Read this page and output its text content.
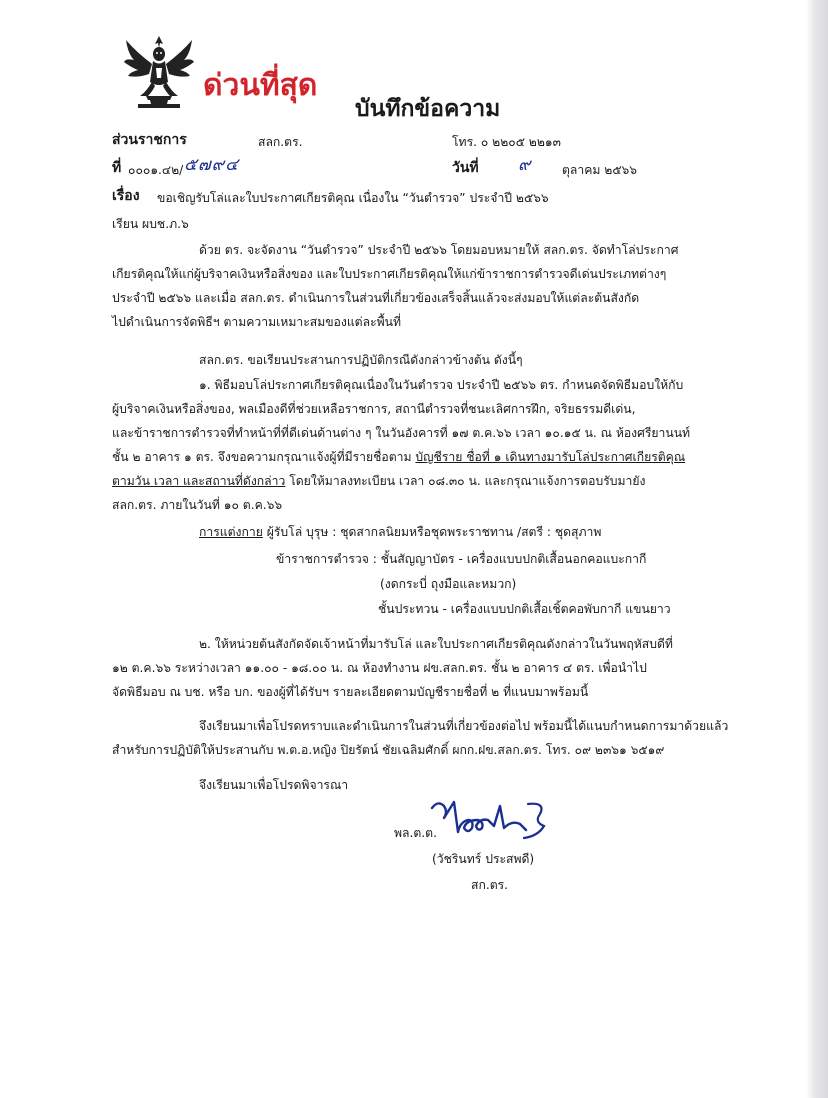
ด่วนที่สุด
บันทึกข้อความ
ส่วนราชการ	สลก.ตร.	โทร. ๐ ๒๒๐๕ ๒๒๑๓
ที่ ๐๐๐๑.๔๒/ ๕๗๙๔	วันที่ ๙	ตุลาคม ๒๕๖๖
เรื่อง ขอเชิญรับโล่และใบประกาศเกียรติคุณ เนื่องใน “วันตำรวจ” ประจำปี ๒๕๖๖
เรียน ผบช.ภ.๖
ด้วย ตร. จะจัดงาน “วันตำรวจ” ประจำปี ๒๕๖๖ โดยมอบหมายให้ สลก.ตร. จัดทำโล่ประกาศ
เกียรติคุณให้แก่ผู้บริจาคเงินหรือสิ่งของ และใบประกาศเกียรติคุณให้แก่ข้าราชการตำรวจดีเด่นประเภทต่างๆ
ประจำปี ๒๕๖๖ และเมื่อ สลก.ตร. ดำเนินการในส่วนที่เกี่ยวข้องเสร็จสิ้นแล้วจะส่งมอบให้แต่ละต้นสังกัด
ไปดำเนินการจัดพิธีฯ ตามความเหมาะสมของแต่ละพื้นที่
สลก.ตร. ขอเรียนประสานการปฏิบัติกรณีดังกล่าวข้างต้น ดังนี้ๆ
๑. พิธีมอบโล่ประกาศเกียรติคุณเนื่องในวันตำรวจ ประจำปี ๒๕๖๖ ตร. กำหนดจัดพิธีมอบให้กับ
ผู้บริจาคเงินหรือสิ่งของ, พลเมืองดีที่ช่วยเหลือราชการ, สถานีตำรวจที่ชนะเลิศการฝึก, จริยธรรมดีเด่น,
และข้าราชการตำรวจที่ทำหน้าที่ที่ดีเด่นด้านต่าง ๆ ในวันอังคารที่ ๑๗ ต.ค.๖๖ เวลา ๑๐.๑๕ น. ณ ห้องศรียานนท์
ชั้น ๒ อาคาร ๑ ตร. จึงขอความกรุณาแจ้งผู้ที่มีรายชื่อตาม บัญชีราย ชื่อที่ ๑ เดินทางมารับโล่ประกาศเกียรติคุณ
ตามวัน เวลา และสถานที่ดังกล่าว โดยให้มาลงทะเบียน เวลา ๐๘.๓๐ น. และกรุณาแจ้งการตอบรับมายัง
สลก.ตร. ภายในวันที่ ๑๐ ต.ค.๖๖
การแต่งกาย ผู้รับโล่ บุรุษ : ชุดสากลนิยมหรือชุดพระราชทาน /สตรี : ชุดสุภาพ
ข้าราชการตำรวจ : ชั้นสัญญาบัตร - เครื่องแบบปกติเสื้อนอกคอแบะกากี
(งดกระบี่ ถุงมือและหมวก)
ชั้นประทวน - เครื่องแบบปกติเสื้อเชิ้ตคอพับกากี แขนยาว
๒. ให้หน่วยต้นสังกัดจัดเจ้าหน้าที่มารับโล่ และใบประกาศเกียรติคุณดังกล่าวในวันพฤหัสบดีที่
๑๒ ต.ค.๖๖ ระหว่างเวลา ๑๑.๐๐ - ๑๘.๐๐ น. ณ ห้องทำงาน ฝข.สลก.ตร. ชั้น ๒ อาคาร ๔ ตร. เพื่อนำไป
จัดพิธีมอบ ณ บช. หรือ บก. ของผู้ที่ได้รับฯ รายละเอียดตามบัญชีรายชื่อที่ ๒ ที่แนบมาพร้อมนี้
จึงเรียนมาเพื่อโปรดทราบและดำเนินการในส่วนที่เกี่ยวข้องต่อไป พร้อมนี้ได้แนบกำหนดการมาด้วยแล้ว
สำหรับการปฏิบัติให้ประสานกับ พ.ต.อ.หญิง ปิยรัตน์ ชัยเฉลิมศักดิ์ ผกก.ฝข.สลก.ตร. โทร. ๐๙ ๒๓๖๑ ๖๕๑๙
จึงเรียนมาเพื่อโปรดพิจารณา
พล.ต.ต.
(วัชรินทร์ ประสพดี)
สก.ตร.
